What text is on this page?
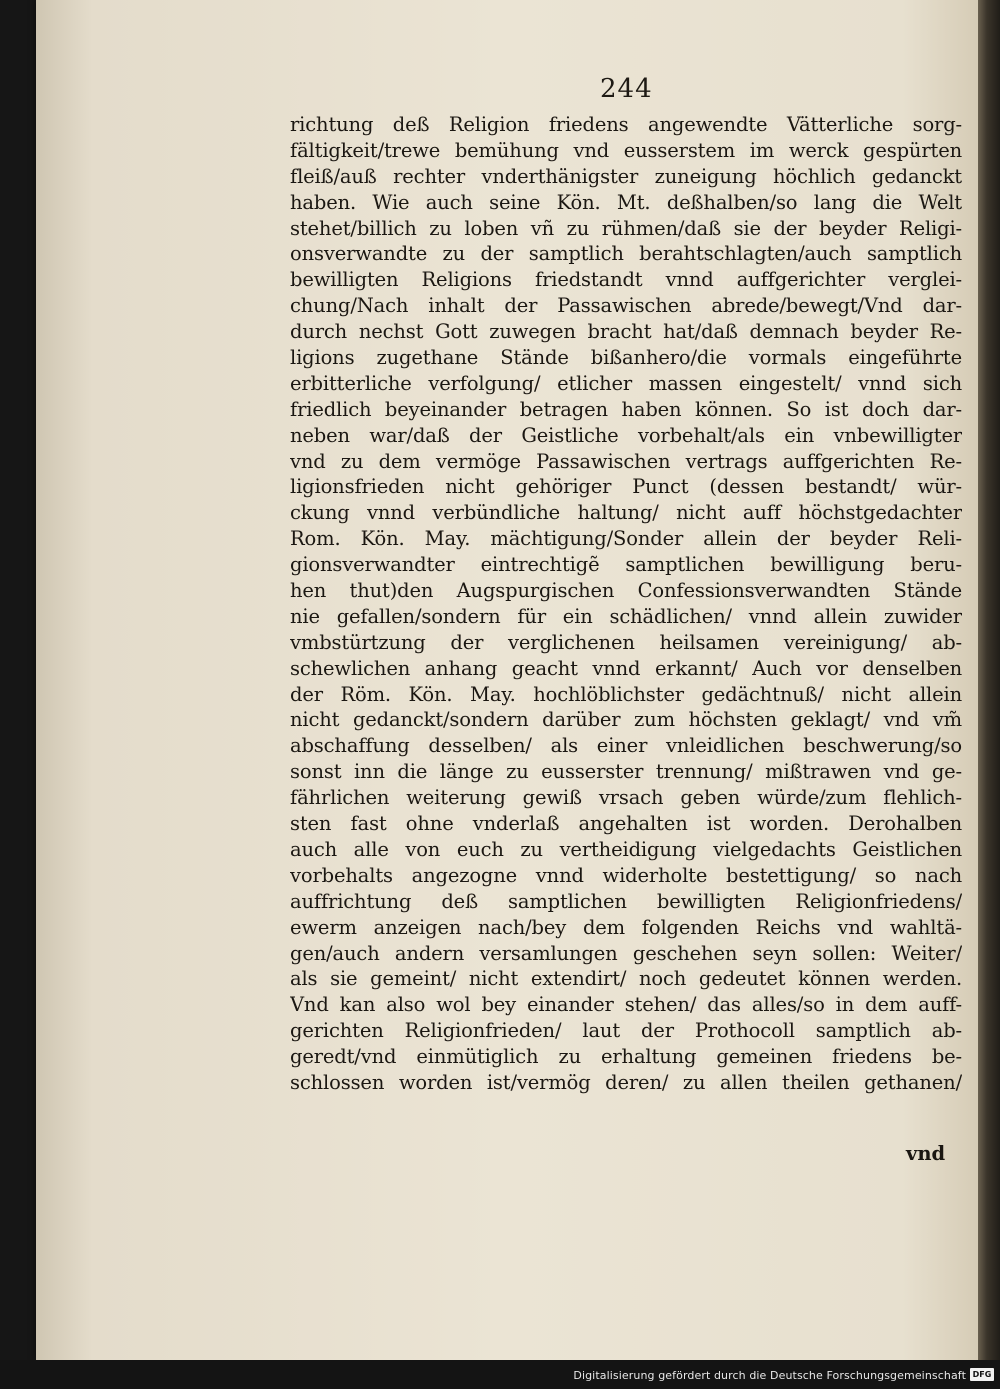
244
richtung deß Religion friedens angewendte Vätterliche sorg-
fältigkeit/trewe bemühung vnd eusserstem im werck gespürten
fleiß/auß rechter vnderthänigster zuneigung höchlich gedanckt
haben. Wie auch seine Kön. Mt. deßhalben/so lang die Welt
stehet/billich zu loben vñ zu rühmen/daß sie der beyder Religi-
onsverwandte zu der samptlich berahtschlagten/auch samptlich
bewilligten Religions friedstandt vnnd auffgerichter verglei-
chung/Nach inhalt der Passawischen abrede/bewegt/Vnd dar-
durch nechst Gott zuwegen bracht hat/daß demnach beyder Re-
ligions zugethane Stände bißanhero/die vormals eingeführte
erbitterliche verfolgung/ etlicher massen eingestelt/ vnnd sich
friedlich beyeinander betragen haben können. So ist doch dar-
neben war/daß der Geistliche vorbehalt/als ein vnbewilligter
vnd zu dem vermöge Passawischen vertrags auffgerichten Re-
ligionsfrieden nicht gehöriger Punct (dessen bestandt/ wür-
ckung vnnd verbündliche haltung/ nicht auff höchstgedachter
Rom. Kön. May. mächtigung/Sonder allein der beyder Reli-
gionsverwandter eintrechtigẽ samptlichen bewilligung beru-
hen thut)den Augspurgischen Confessionsverwandten Stände
nie gefallen/sondern für ein schädlichen/ vnnd allein zuwider
vmbstürtzung der verglichenen heilsamen vereinigung/ ab-
schewlichen anhang geacht vnnd erkannt/ Auch vor denselben
der Röm. Kön. May. hochlöblichster gedächtnuß/ nicht allein
nicht gedanckt/sondern darüber zum höchsten geklagt/ vnd vm̃
abschaffung desselben/ als einer vnleidlichen beschwerung/so
sonst inn die länge zu eusserster trennung/ mißtrawen vnd ge-
fährlichen weiterung gewiß vrsach geben würde/zum flehlich-
sten fast ohne vnderlaß angehalten ist worden. Derohalben
auch alle von euch zu vertheidigung vielgedachts Geistlichen
vorbehalts angezogne vnnd widerholte bestettigung/ so nach
auffrichtung deß samptlichen bewilligten Religionfriedens/
ewerm anzeigen nach/bey dem folgenden Reichs vnd wahltä-
gen/auch andern versamlungen geschehen seyn sollen: Weiter/
als sie gemeint/ nicht extendirt/ noch gedeutet können werden.
Vnd kan also wol bey einander stehen/ das alles/so in dem auff-
gerichten Religionfrieden/ laut der Prothocoll samptlich ab-
geredt/vnd einmütiglich zu erhaltung gemeinen friedens be-
schlossen worden ist/vermög deren/ zu allen theilen gethanen/
vnd
Digitalisierung gefördert durch die Deutsche Forschungsgemeinschaft DFG
